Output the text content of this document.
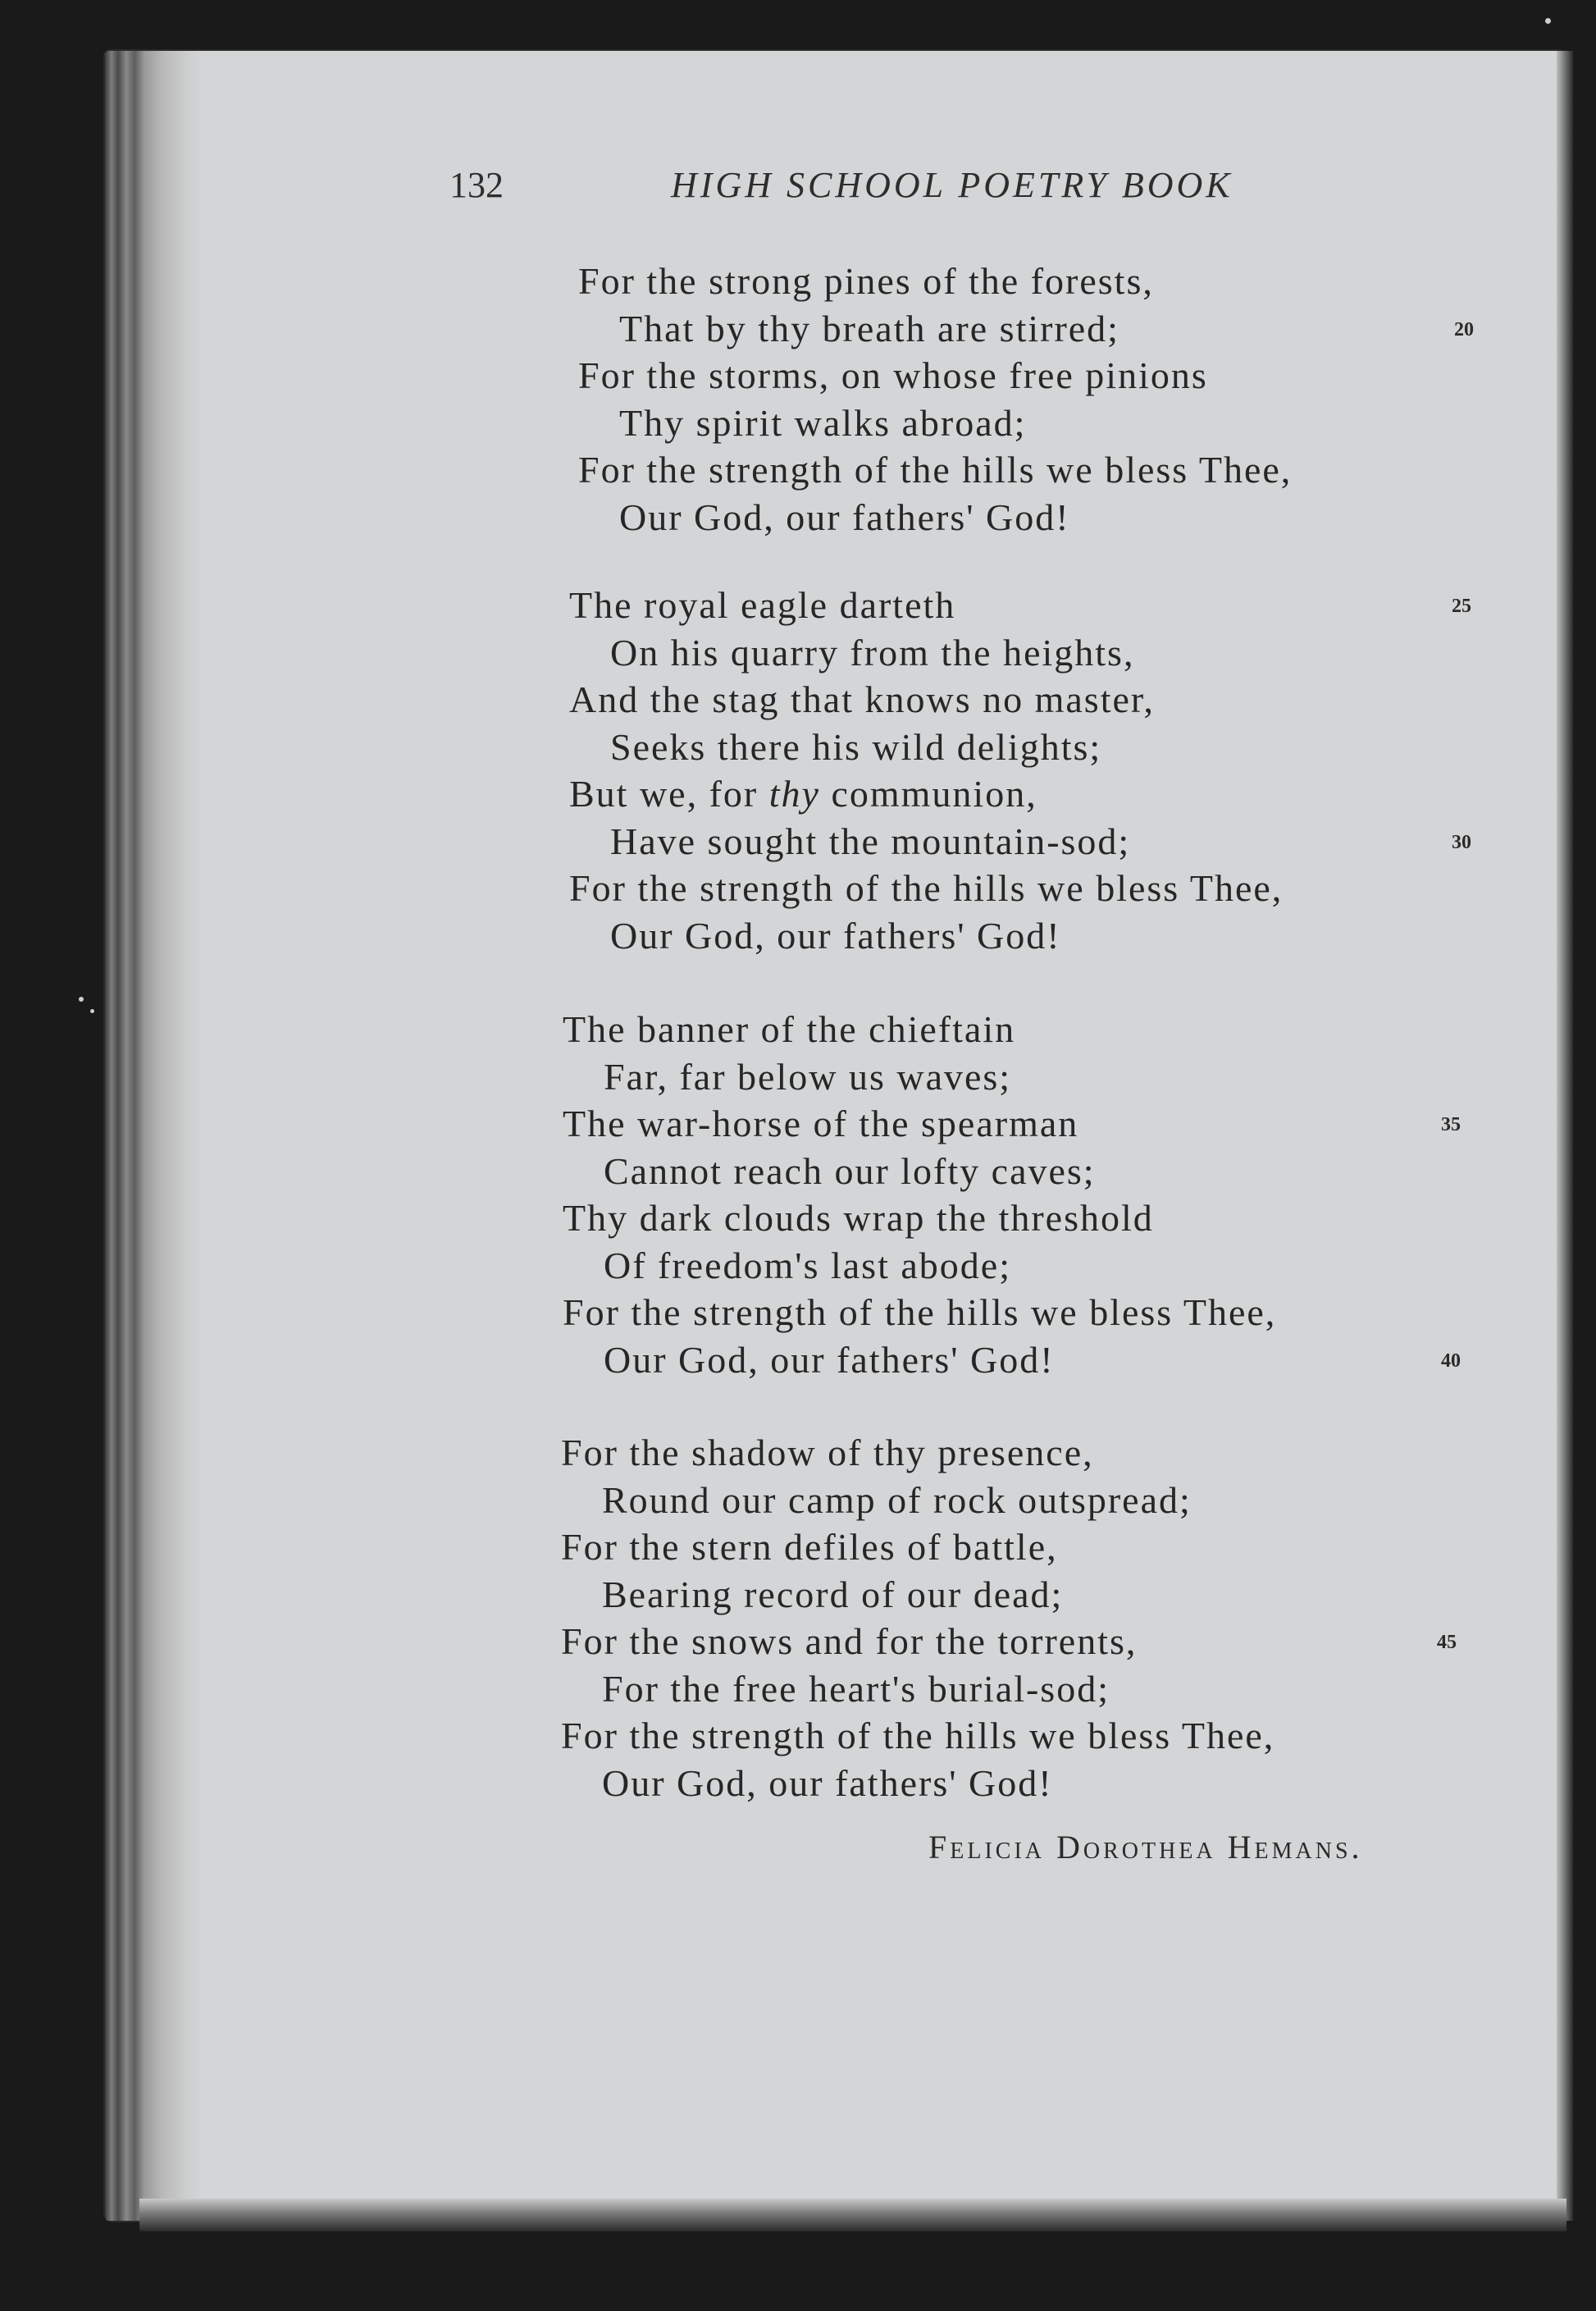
132	HIGH SCHOOL POETRY BOOK
For the strong pines of the forests,
That by thy breath are stirred;	20
For the storms, on whose free pinions
Thy spirit walks abroad;
For the strength of the hills we bless Thee,
Our God, our fathers' God!
The royal eagle darteth	25
On his quarry from the heights,
And the stag that knows no master,
Seeks there his wild delights;
But we, for thy communion,
Have sought the mountain-sod;	30
For the strength of the hills we bless Thee,
Our God, our fathers' God!
The banner of the chieftain
Far, far below us waves;
The war-horse of the spearman	35
Cannot reach our lofty caves;
Thy dark clouds wrap the threshold
Of freedom's last abode;
For the strength of the hills we bless Thee,
Our God, our fathers' God!	40
For the shadow of thy presence,
Round our camp of rock outspread;
For the stern defiles of battle,
Bearing record of our dead;
For the snows and for the torrents,	45
For the free heart's burial-sod;
For the strength of the hills we bless Thee,
Our God, our fathers' God!
Felicia Dorothea Hemans.
